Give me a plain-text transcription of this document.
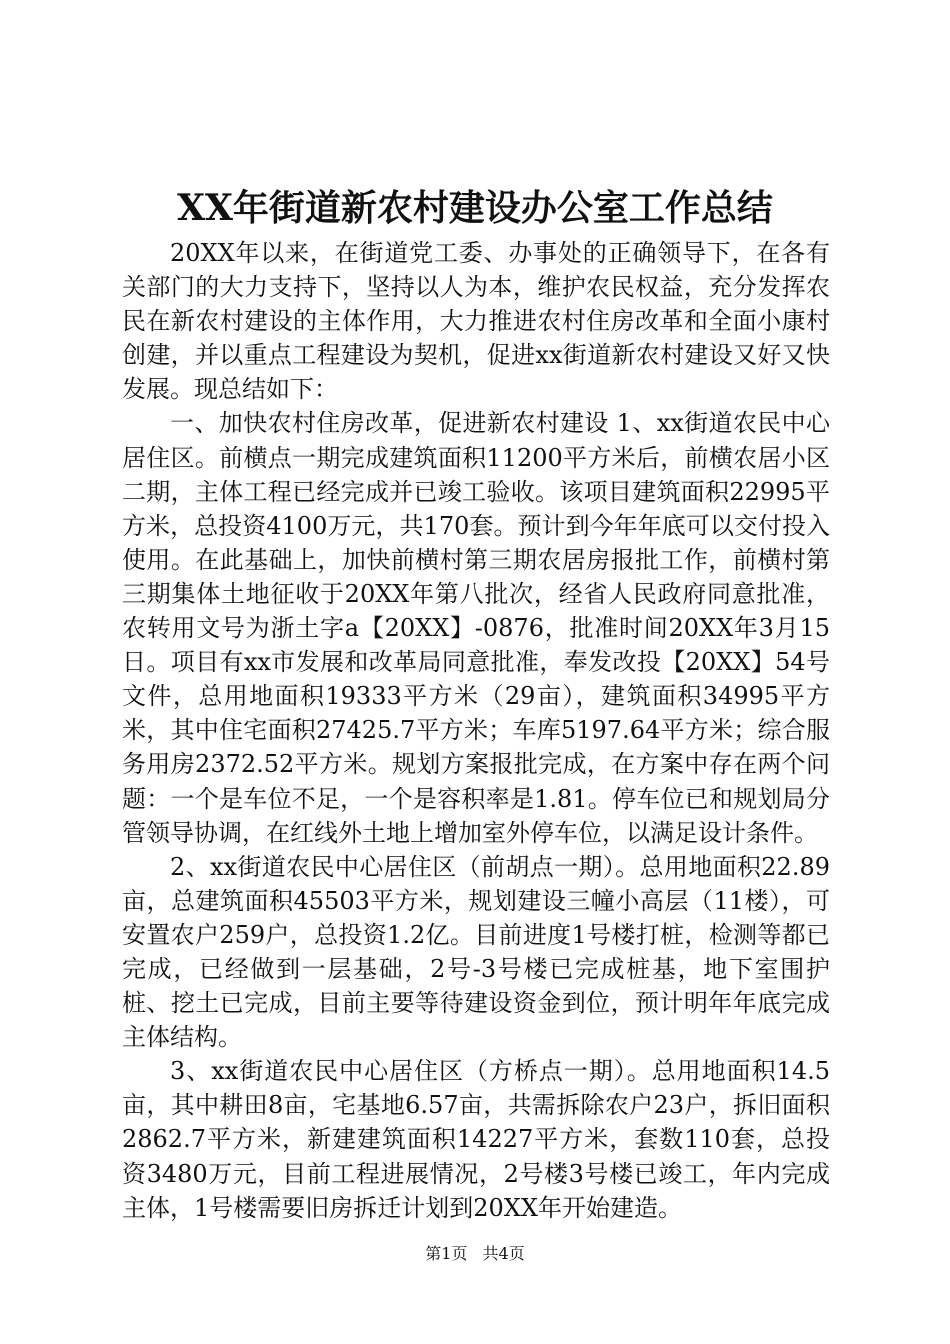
XX年街道新农村建设办公室工作总结

20XX年以来，在街道党工委、办事处的正确领导下，在各有关部门的大力支持下，坚持以人为本，维护农民权益，充分发挥农民在新农村建设的主体作用，大力推进农村住房改革和全面小康村创建，并以重点工程建设为契机，促进xx街道新农村建设又好又快发展。现总结如下：

一、加快农村住房改革，促进新农村建设 1、xx街道农民中心居住区。前横点一期完成建筑面积11200平方米后，前横农居小区二期，主体工程已经完成并已竣工验收。该项目建筑面积22995平方米，总投资4100万元，共170套。预计到今年年底可以交付投入使用。在此基础上，加快前横村第三期农居房报批工作，前横村第三期集体土地征收于20XX年第八批次，经省人民政府同意批准，农转用文号为浙土字a【20XX】-0876，批准时间20XX年3月15日。项目有xx市发展和改革局同意批准，奉发改投【20XX】54号文件，总用地面积19333平方米（29亩），建筑面积34995平方米，其中住宅面积27425.7平方米；车库5197.64平方米；综合服务用房2372.52平方米。规划方案报批完成，在方案中存在两个问题：一个是车位不足，一个是容积率是1.81。停车位已和规划局分管领导协调，在红线外土地上增加室外停车位，以满足设计条件。

2、xx街道农民中心居住区（前胡点一期）。总用地面积22.89亩，总建筑面积45503平方米，规划建设三幢小高层（11楼），可安置农户259户，总投资1.2亿。目前进度1号楼打桩，检测等都已完成，已经做到一层基础，2号-3号楼已完成桩基，地下室围护桩、挖土已完成，目前主要等待建设资金到位，预计明年年底完成主体结构。

3、xx街道农民中心居住区（方桥点一期）。总用地面积14.5亩，其中耕田8亩，宅基地6.57亩，共需拆除农户23户，拆旧面积2862.7平方米，新建建筑面积14227平方米，套数110套，总投资3480万元，目前工程进展情况，2号楼3号楼已竣工，年内完成主体，1号楼需要旧房拆迁计划到20XX年开始建造。

第1页 共4页
